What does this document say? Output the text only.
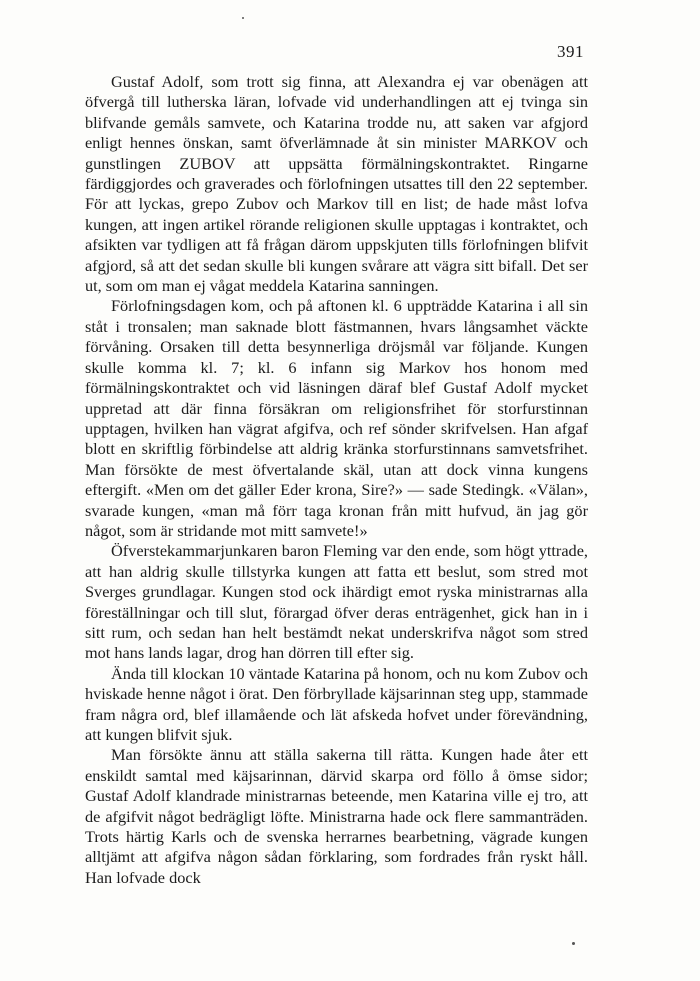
391

Gustaf Adolf, som trott sig finna, att Alexandra ej var obenägen att öfvergå till lutherska läran, lofvade vid underhandlingen att ej tvinga sin blifvande gemåls samvete, och Katarina trodde nu, att saken var afgjord enligt hennes önskan, samt öfverlämnade åt sin minister MARKOV och gunstlingen ZUBOV att uppsätta förmälningskontraktet. Ringarne färdiggjordes och graverades och förlofningen utsattes till den 22 september. För att lyckas, grepo Zubov och Markov till en list; de hade måst lofva kungen, att ingen artikel rörande religionen skulle upptagas i kontraktet, och afsikten var tydligen att få frågan därom uppskjuten tills förlofningen blifvit afgjord, så att det sedan skulle bli kungen svårare att vägra sitt bifall. Det ser ut, som om man ej vågat meddela Katarina sanningen.

Förlofningsdagen kom, och på aftonen kl. 6 uppträdde Katarina i all sin ståt i tronsalen; man saknade blott fästmannen, hvars långsamhet väckte förvåning. Orsaken till detta besynnerliga dröjsmål var följande. Kungen skulle komma kl. 7; kl. 6 infann sig Markov hos honom med förmälningskontraktet och vid läsningen däraf blef Gustaf Adolf mycket uppretad att där finna försäkran om religionsfrihet för storfurstinnan upptagen, hvilken han vägrat afgifva, och ref sönder skrifvelsen. Han afgaf blott en skriftlig förbindelse att aldrig kränka storfurstinnans samvetsfrihet. Man försökte de mest öfvertalande skäl, utan att dock vinna kungens eftergift. «Men om det gäller Eder krona, Sire?» — sade Stedingk. «Välan», svarade kungen, «man må förr taga kronan från mitt hufvud, än jag gör något, som är stridande mot mitt samvete!»

Öfverstekammarjunkaren baron Fleming var den ende, som högt yttrade, att han aldrig skulle tillstyrka kungen att fatta ett beslut, som stred mot Sverges grundlagar. Kungen stod ock ihärdigt emot ryska ministrarnas alla föreställningar och till slut, förargad öfver deras enträgenhet, gick han in i sitt rum, och sedan han helt bestämdt nekat underskrifva något som stred mot hans lands lagar, drog han dörren till efter sig.

Ända till klockan 10 väntade Katarina på honom, och nu kom Zubov och hviskade henne något i örat. Den förbryllade käjsarinnan steg upp, stammade fram några ord, blef illamående och lät afskeda hofvet under förevändning, att kungen blifvit sjuk.

Man försökte ännu att ställa sakerna till rätta. Kungen hade åter ett enskildt samtal med käjsarinnan, därvid skarpa ord föllo å ömse sidor; Gustaf Adolf klandrade ministrarnas beteende, men Katarina ville ej tro, att de afgifvit något bedrägligt löfte. Ministrarna hade ock flere sammanträden. Trots härtig Karls och de svenska herrarnes bearbetning, vägrade kungen alltjämt att afgifva någon sådan förklaring, som fordrades från ryskt håll. Han lofvade dock
